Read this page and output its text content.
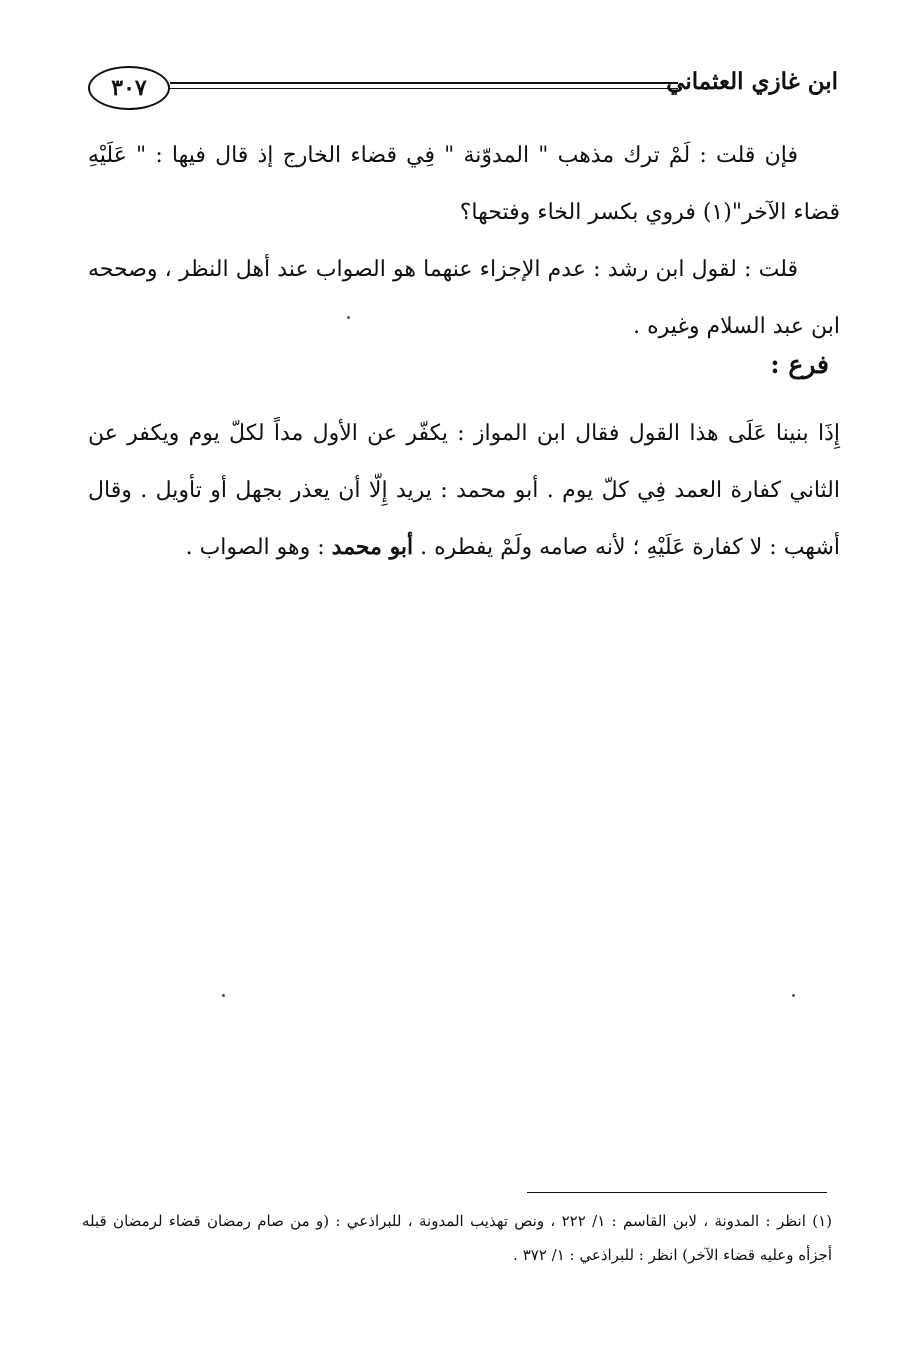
٣٠٧	ابن غازي العثماني

فإن قلت : لَمْ ترك مذهب " المدوّنة " فِي قضاء الخارج إذ قال فيها : " عَلَيْهِ قضاء الآخر"(١) فروي بكسر الخاء وفتحها؟

قلت : لقول ابن رشد : عدم الإجزاء عنهما هو الصواب عند أهل النظر ، وصححه ابن عبد السلام وغيره .

فرع :

إِذَا بنينا عَلَى هذا القول فقال ابن المواز : يكفّر عن الأول مداً لكلّ يوم ويكفر عن الثاني كفارة العمد فِي كلّ يوم . أبو محمد : يريد إِلّا أن يعذر بجهل أو تأويل . وقال أشهب : لا كفارة عَلَيْهِ ؛ لأنه صامه ولَمْ يفطره . أبو محمد : وهو الصواب .

(١) انظر : المدونة ، لابن القاسم : ١/ ٢٢٢ ، ونص تهذيب المدونة ، للبراذعي : (و من صام رمضان قضاء لرمضان قبله أجزأه وعليه قضاء الآخر) انظر : للبراذعي : ١/ ٣٧٢ .
